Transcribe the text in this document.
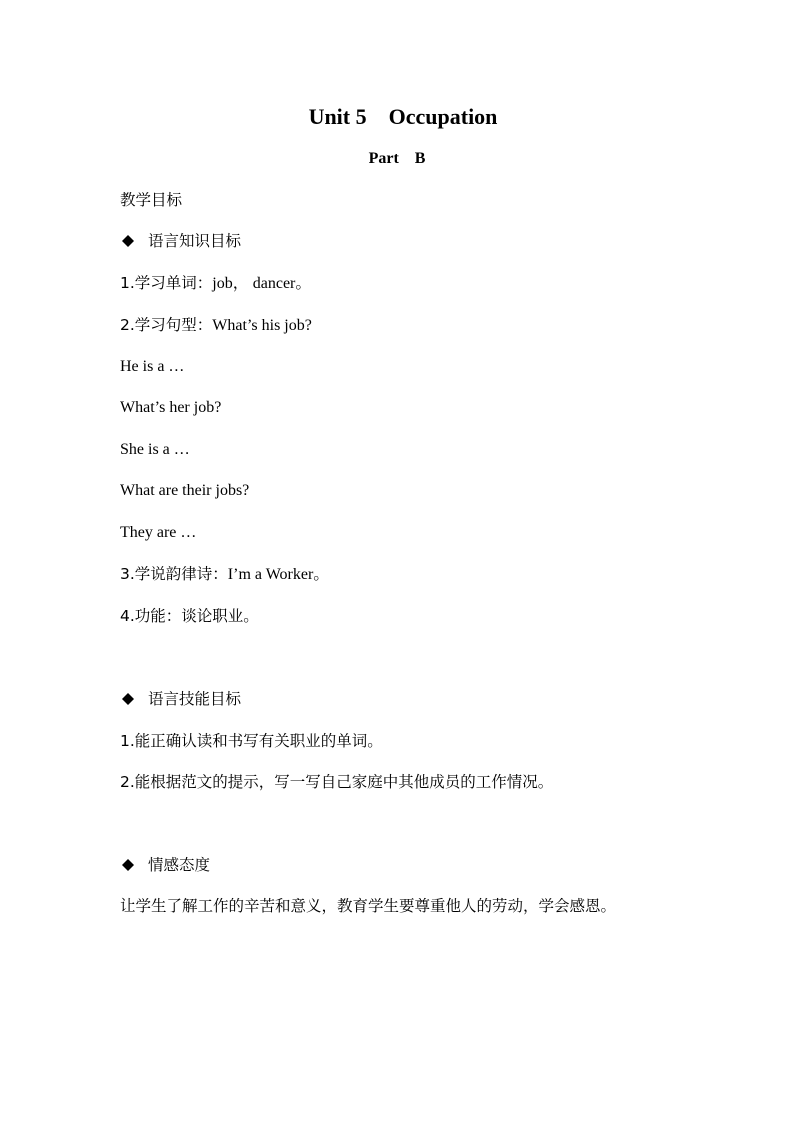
Unit 5    Occupation
Part    B
教学目标
语言知识目标
1.学习单词：job， dancer。
2.学习句型：What’s his job?
He is a …
What’s her job?
She is a …
What are their jobs?
They are …
3.学说韵律诗：I’m a Worker。
4.功能：谈论职业。
语言技能目标
1.能正确认读和书写有关职业的单词。
2.能根据范文的提示，写一写自己家庭中其他成员的工作情况。
情感态度
让学生了解工作的辛苦和意义，教育学生要尊重他人的劳动，学会感恩。
